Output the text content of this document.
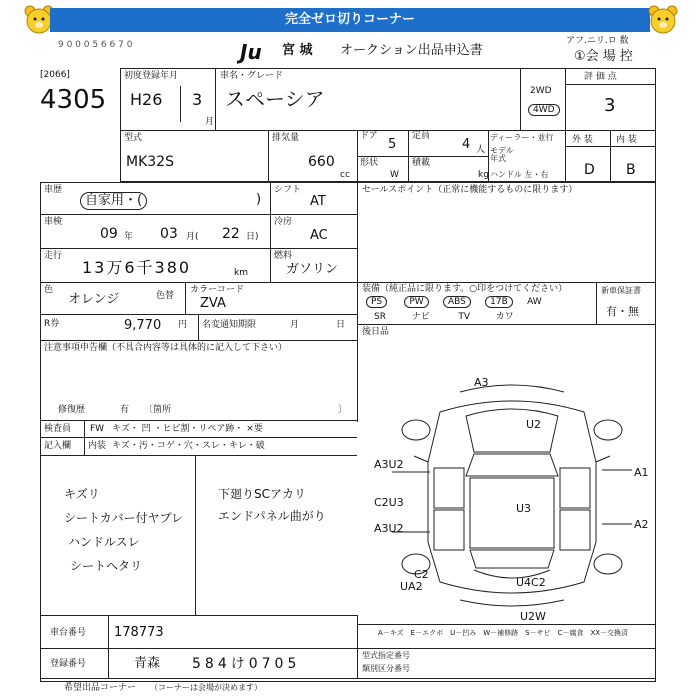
完全ゼロ切りコーナー
9 0 0 0 5 6 6 7 0	アフ.ニリ.ロ 数
Ju 宮 城 オークション出品申込書	①会 場 控
[2066]
4305
初度登録年月
H26 3
月
車名・グレード
スペーシア	2WD
4WD
評 価 点
3
型式
MK32S
排気量
660
cc
ドア
5
定員
4 人
ディーラー・並行
モデル年式
外 装	内 装
D B
形状
W
積載
kg ハンドル 左・右
車歴
自家用・(	)
シフト
AT
セールスポイント（正常に機能するものに限ります）
車検
09 年 03 月( 22 日)
冷房
AC
走行
13万6千380	km
燃料
ガソリン
装備（純正品に限ります。○印をつけてください）
PS	PW	ABS	17B AW
SR	ナビ	TV	カワ
新車保証書
有・無
色
オレンジ	色替
カラーコード
ZVA
R券	9,770 円 名変通知期限	月	日
後日品
注意事項申告欄（不具合内容等は具体的に記入して下さい）
修復歴	有 〔箇所	〕
検査員
記入欄
FW キズ・ 凹 ・ヒビ割・リペア跡・ ×要
内装 キズ・汚・コゲ・穴・スレ・キレ・破
キズリ
シートカバー付ヤブレ
ハンドルスレ
シートヘタリ
下廻りSCアカリ
エンドパネル曲がり
A3
U2
A3U2
A1
C2U3	U3
A3U2	A2
C2
UA2	U4C2
U2W
A－キズ　E－エクボ　U－凹み　W－補修跡　S－サビ　C－腐食　XX－交換済
車台番号 178773
登録番号	青森 584け0705
型式指定番号
類別区分番号
希望出品コーナー （コーナーは会場が決めます）
